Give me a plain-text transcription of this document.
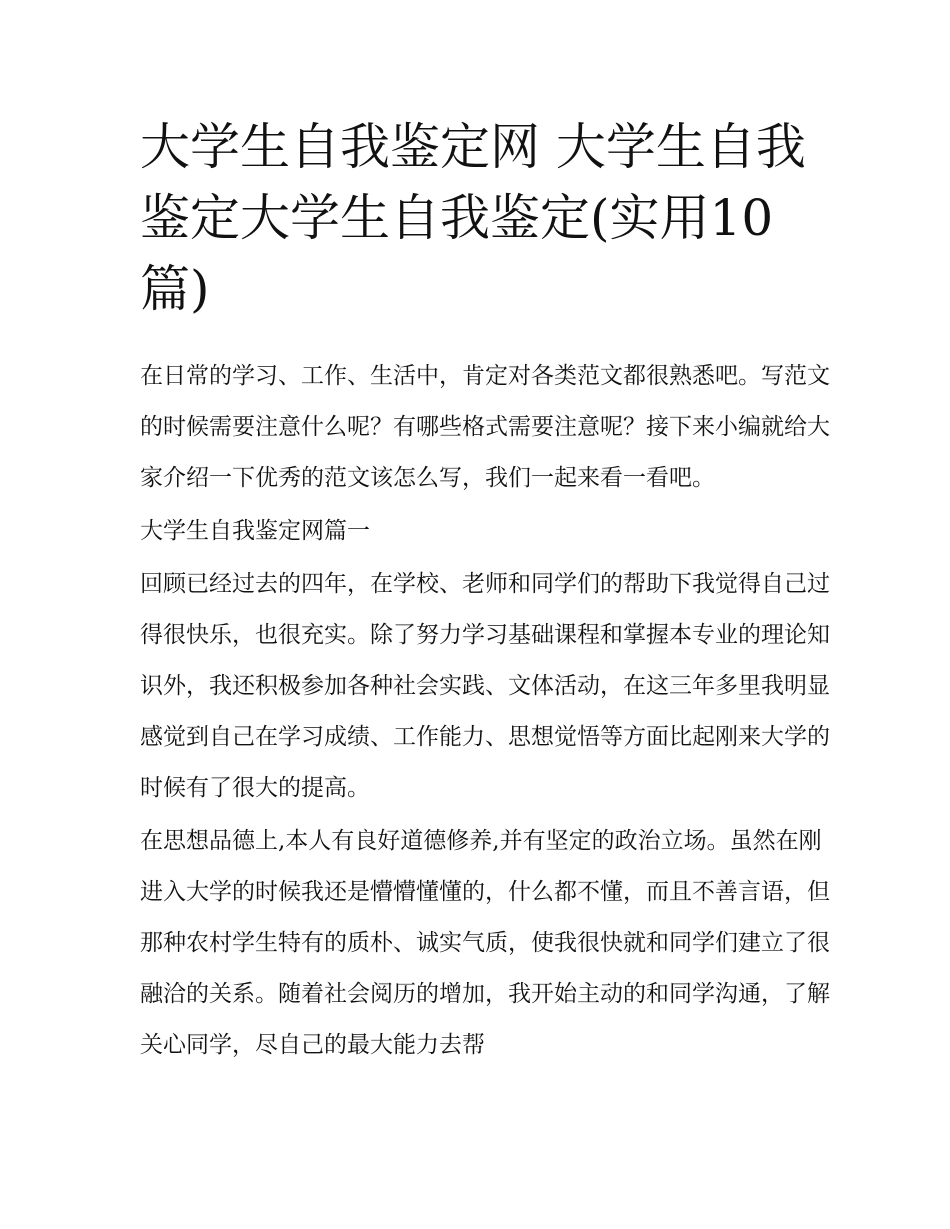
大学生自我鉴定网 大学生自我鉴定大学生自我鉴定(实用10篇)

在日常的学习、工作、生活中，肯定对各类范文都很熟悉吧。写范文的时候需要注意什么呢？有哪些格式需要注意呢？接下来小编就给大家介绍一下优秀的范文该怎么写，我们一起来看一看吧。

大学生自我鉴定网篇一

回顾已经过去的四年，在学校、老师和同学们的帮助下我觉得自己过得很快乐，也很充实。除了努力学习基础课程和掌握本专业的理论知识外，我还积极参加各种社会实践、文体活动，在这三年多里我明显感觉到自己在学习成绩、工作能力、思想觉悟等方面比起刚来大学的时候有了很大的提高。

在思想品德上,本人有良好道德修养,并有坚定的政治立场。虽然在刚进入大学的时候我还是懵懵懂懂的，什么都不懂，而且不善言语，但那种农村学生特有的质朴、诚实气质，使我很快就和同学们建立了很融洽的关系。随着社会阅历的增加，我开始主动的和同学沟通，了解关心同学，尽自己的最大能力去帮
